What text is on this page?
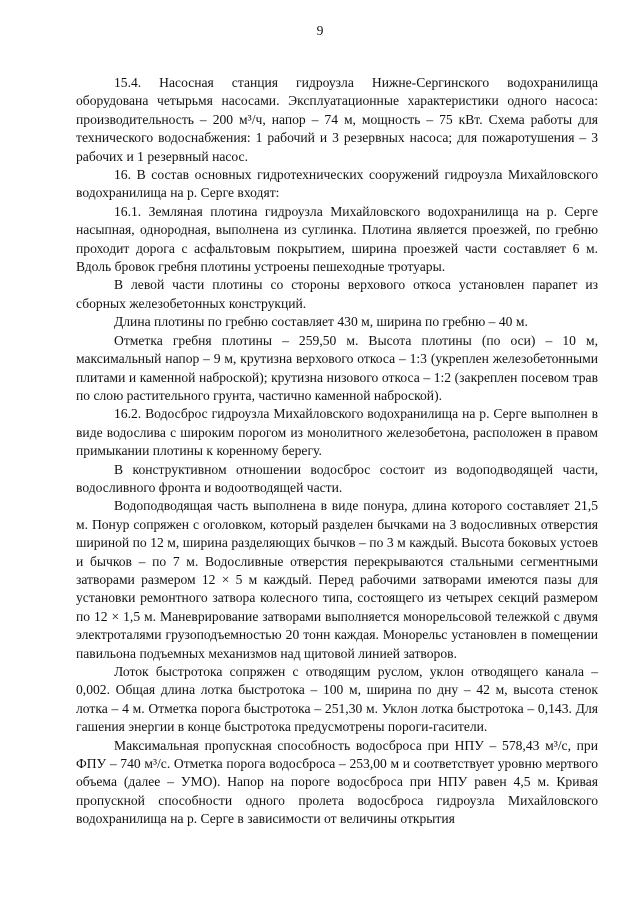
9

15.4. Насосная станция гидроузла Нижне-Сергинского водохранилища оборудована четырьмя насосами. Эксплуатационные характеристики одного насоса: производительность – 200 м³/ч, напор – 74 м, мощность – 75 кВт. Схема работы для технического водоснабжения: 1 рабочий и 3 резервных насоса; для пожаротушения – 3 рабочих и 1 резервный насос.

16. В состав основных гидротехнических сооружений гидроузла Михайловского водохранилища на р. Серге входят:

16.1. Земляная плотина гидроузла Михайловского водохранилища на р. Серге насыпная, однородная, выполнена из суглинка. Плотина является проезжей, по гребню проходит дорога с асфальтовым покрытием, ширина проезжей части составляет 6 м. Вдоль бровок гребня плотины устроены пешеходные тротуары.

В левой части плотины со стороны верхового откоса установлен парапет из сборных железобетонных конструкций.

Длина плотины по гребню составляет 430 м, ширина по гребню – 40 м.

Отметка гребня плотины – 259,50 м. Высота плотины (по оси) – 10 м, максимальный напор – 9 м, крутизна верхового откоса – 1:3 (укреплен железобетонными плитами и каменной наброской); крутизна низового откоса – 1:2 (закреплен посевом трав по слою растительного грунта, частично каменной наброской).

16.2. Водосброс гидроузла Михайловского водохранилища на р. Серге выполнен в виде водослива с широким порогом из монолитного железобетона, расположен в правом примыкании плотины к коренному берегу.

В конструктивном отношении водосброс состоит из водоподводящей части, водосливного фронта и водоотводящей части.

Водоподводящая часть выполнена в виде понура, длина которого составляет 21,5 м. Понур сопряжен с оголовком, который разделен бычками на 3 водосливных отверстия шириной по 12 м, ширина разделяющих бычков – по 3 м каждый. Высота боковых устоев и бычков – по 7 м. Водосливные отверстия перекрываются стальными сегментными затворами размером 12 × 5 м каждый. Перед рабочими затворами имеются пазы для установки ремонтного затвора колесного типа, состоящего из четырех секций размером по 12 × 1,5 м. Маневрирование затворами выполняется монорельсовой тележкой с двумя электроталями грузоподъемностью 20 тонн каждая. Монорельс установлен в помещении павильона подъемных механизмов над щитовой линией затворов.

Лоток быстротока сопряжен с отводящим руслом, уклон отводящего канала – 0,002. Общая длина лотка быстротока – 100 м, ширина по дну – 42 м, высота стенок лотка – 4 м. Отметка порога быстротока – 251,30 м. Уклон лотка быстротока – 0,143. Для гашения энергии в конце быстротока предусмотрены пороги-гасители.

Максимальная пропускная способность водосброса при НПУ – 578,43 м³/с, при ФПУ – 740 м³/с. Отметка порога водосброса – 253,00 м и соответствует уровню мертвого объема (далее – УМО). Напор на пороге водосброса при НПУ равен 4,5 м. Кривая пропускной способности одного пролета водосброса гидроузла Михайловского водохранилища на р. Серге в зависимости от величины открытия
